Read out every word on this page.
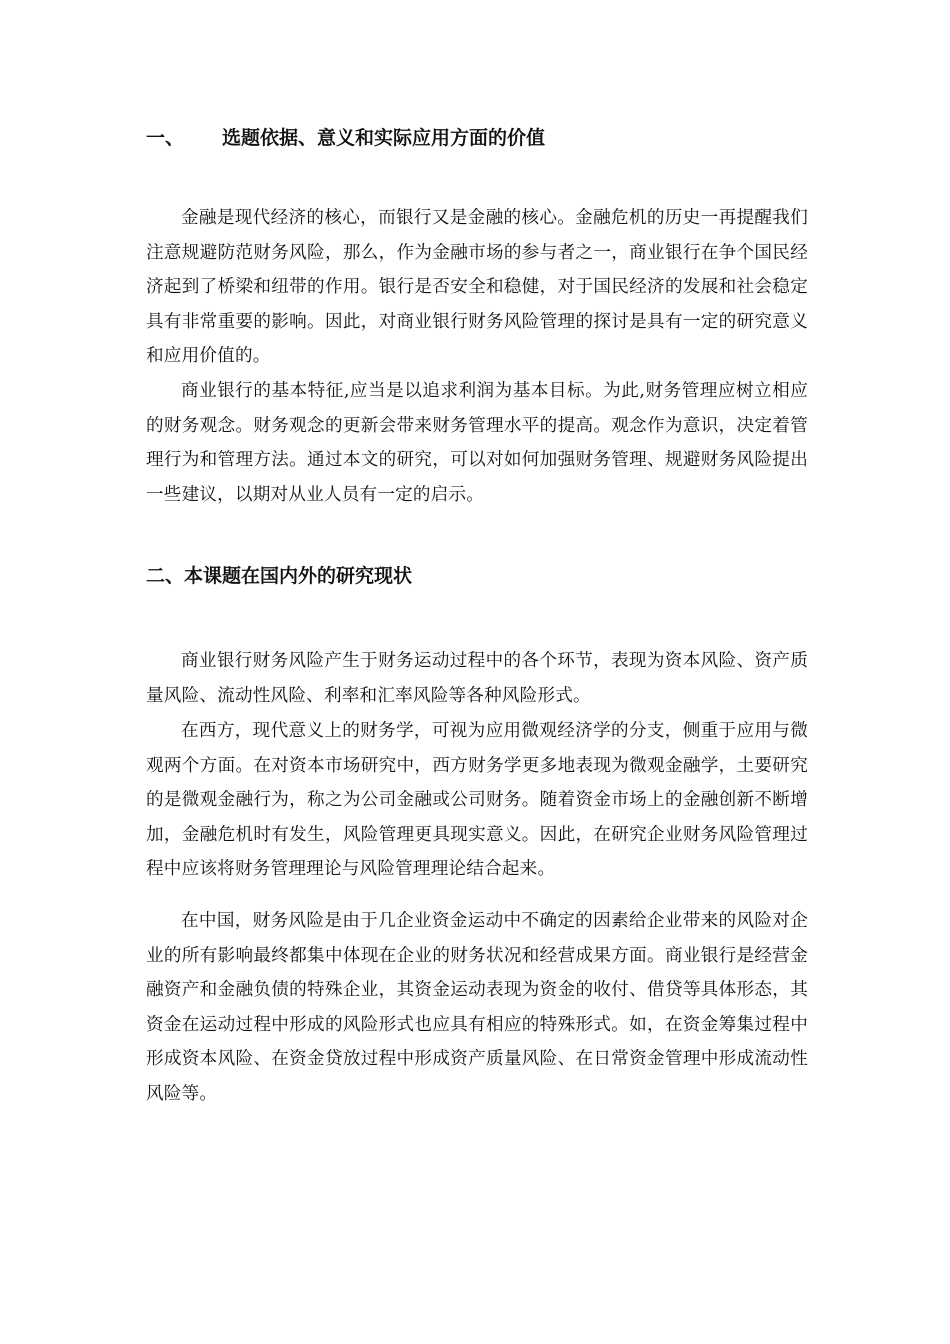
一、 选题依据、意义和实际应用方面的价值

金融是现代经济的核心，而银行又是金融的核心。金融危机的历史一再提醒我们注意规避防范财务风险，那么，作为金融市场的参与者之一，商业银行在争个国民经济起到了桥梁和纽带的作用。银行是否安全和稳健，对于国民经济的发展和社会稳定具有非常重要的影响。因此，对商业银行财务风险管理的探讨是具有一定的研究意义和应用价值的。

商业银行的基本特征,应当是以追求利润为基本目标。为此,财务管理应树立相应的财务观念。财务观念的更新会带来财务管理水平的提高。观念作为意识，决定着管理行为和管理方法。通过本文的研究，可以对如何加强财务管理、规避财务风险提出一些建议，以期对从业人员有一定的启示。

二、本课题在国内外的研究现状

商业银行财务风险产生于财务运动过程中的各个环节，表现为资本风险、资产质量风险、流动性风险、利率和汇率风险等各种风险形式。

在西方，现代意义上的财务学，可视为应用微观经济学的分支，侧重于应用与微观两个方面。在对资本市场研究中，西方财务学更多地表现为微观金融学，土要研究的是微观金融行为，称之为公司金融或公司财务。随着资金市场上的金融创新不断增加，金融危机时有发生，风险管理更具现实意义。因此，在研究企业财务风险管理过程中应该将财务管理理论与风险管理理论结合起来。

在中国，财务风险是由于几企业资金运动中不确定的因素给企业带来的风险对企业的所有影响最终都集中体现在企业的财务状况和经营成果方面。商业银行是经营金融资产和金融负债的特殊企业，其资金运动表现为资金的收付、借贷等具体形态，其资金在运动过程中形成的风险形式也应具有相应的特殊形式。如，在资金筹集过程中形成资本风险、在资金贷放过程中形成资产质量风险、在日常资金管理中形成流动性风险等。
